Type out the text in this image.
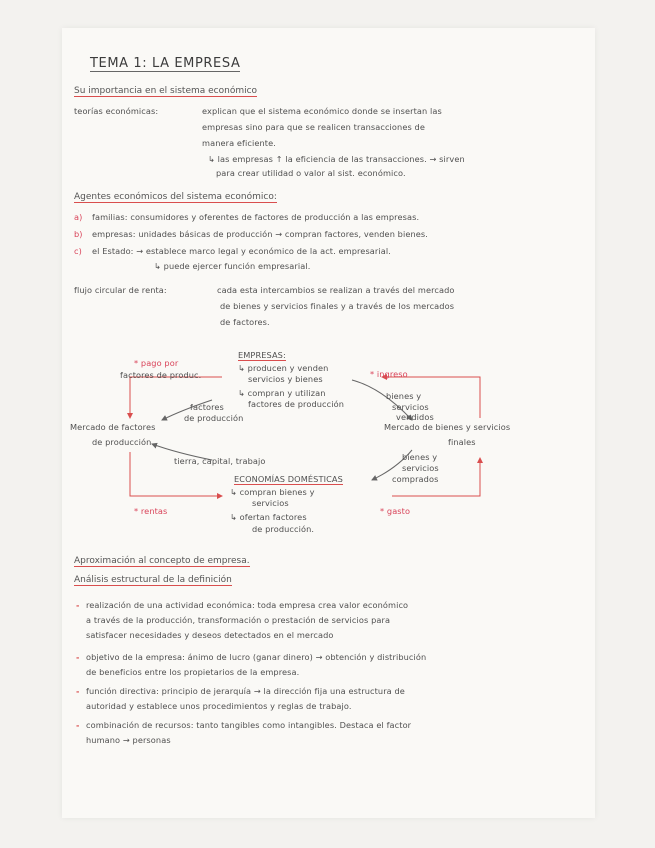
TEMA 1: LA EMPRESA
Su importancia en el sistema económico
teorías económicas:	explican que el sistema económico donde se insertan las
empresas sino para que se realicen transacciones de
manera eficiente.
↳ las empresas ↑ la eficiencia de las transacciones. → sirven
para crear utilidad o valor al sist. económico.
Agentes económicos del sistema económico:
a) familias: consumidores y oferentes de factores de producción a las empresas.
b) empresas: unidades básicas de producción → compran factores, venden bienes.
c) el Estado: → establece marco legal y económico de la act. empresarial.
↳ puede ejercer función empresarial.
flujo circular de renta:	cada esta intercambios se realizan a través del mercado
de bienes y servicios finales y a través de los mercados
de factores.
EMPRESAS:
↳ producen y venden
servicios y bienes
↳ compran y utilizan
factores de producción
* pago por
factores de produc.	* ingreso
factores
de producción
bienes y
servicios
vendidos
Mercado de factores
de producción
Mercado de bienes y servicios
finales
tierra, capital, trabajo	bienes y
servicios
comprados
ECONOMÍAS DOMÉSTICAS
↳ compran bienes y
servicios
↳ ofertan factores
de producción.
* rentas	* gasto
Aproximación al concepto de empresa.
Análisis estructural de la definición
- realización de una actividad económica: toda empresa crea valor económico
a través de la producción, transformación o prestación de servicios para
satisfacer necesidades y deseos detectados en el mercado
- objetivo de la empresa: ánimo de lucro (ganar dinero) → obtención y distribución
de beneficios entre los propietarios de la empresa.
- función directiva: principio de jerarquía → la dirección fija una estructura de
autoridad y establece unos procedimientos y reglas de trabajo.
- combinación de recursos: tanto tangibles como intangibles. Destaca el factor
humano → personas
